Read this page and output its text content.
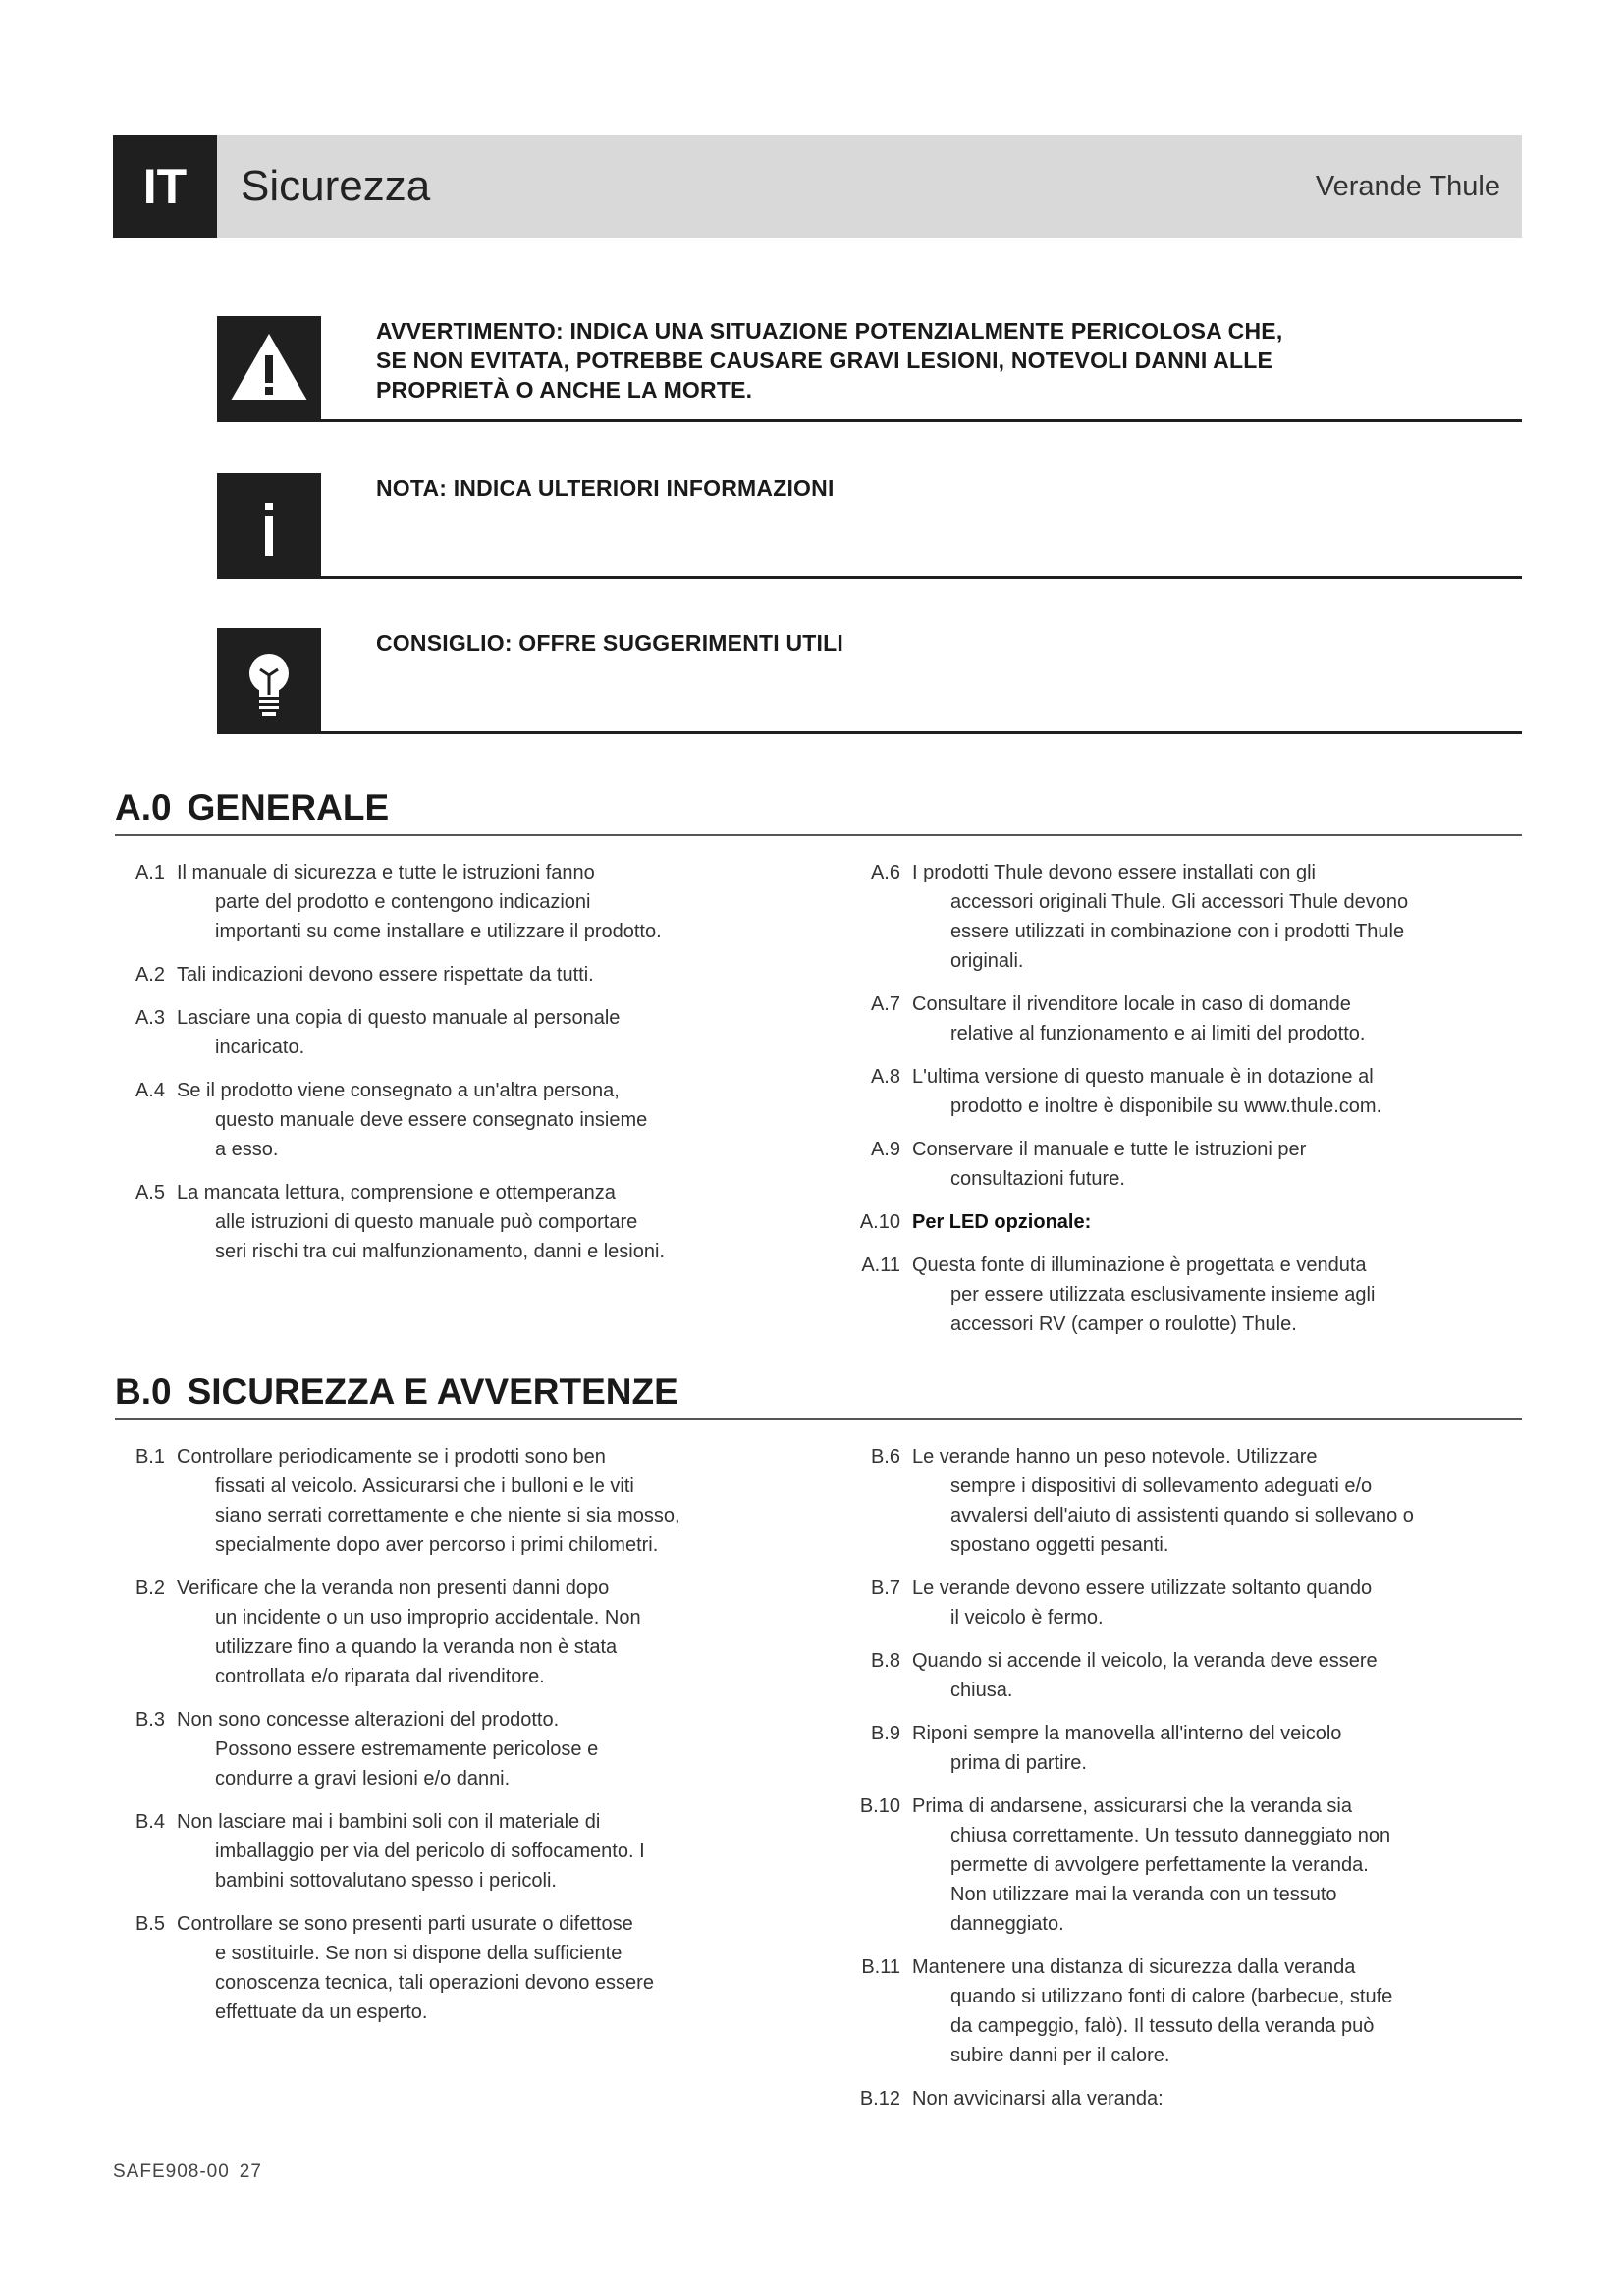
IT	Sicurezza	Verande Thule
AVVERTIMENTO: INDICA UNA SITUAZIONE POTENZIALMENTE PERICOLOSA CHE,
SE NON EVITATA, POTREBBE CAUSARE GRAVI LESIONI, NOTEVOLI DANNI ALLE
PROPRIETÀ O ANCHE LA MORTE.
NOTA: INDICA ULTERIORI INFORMAZIONI
CONSIGLIO: OFFRE SUGGERIMENTI UTILI
A.0 GENERALE
A.1 Il manuale di sicurezza e tutte le istruzioni fanno
parte del prodotto e contengono indicazioni
importanti su come installare e utilizzare il prodotto.
A.2 Tali indicazioni devono essere rispettate da tutti.
A.3 Lasciare una copia di questo manuale al personale
incaricato.
A.4 Se il prodotto viene consegnato a un'altra persona,
questo manuale deve essere consegnato insieme
a esso.
A.5 La mancata lettura, comprensione e ottemperanza
alle istruzioni di questo manuale può comportare
seri rischi tra cui malfunzionamento, danni e lesioni.
A.6 I prodotti Thule devono essere installati con gli
accessori originali Thule. Gli accessori Thule devono
essere utilizzati in combinazione con i prodotti Thule
originali.
A.7 Consultare il rivenditore locale in caso di domande
relative al funzionamento e ai limiti del prodotto.
A.8 L'ultima versione di questo manuale è in dotazione al
prodotto e inoltre è disponibile su www.thule.com.
A.9 Conservare il manuale e tutte le istruzioni per
consultazioni future.
A.10 Per LED opzionale:
A.11 Questa fonte di illuminazione è progettata e venduta
per essere utilizzata esclusivamente insieme agli
accessori RV (camper o roulotte) Thule.
B.0 SICUREZZA E AVVERTENZE
B.1 Controllare periodicamente se i prodotti sono ben
fissati al veicolo. Assicurarsi che i bulloni e le viti
siano serrati correttamente e che niente si sia mosso,
specialmente dopo aver percorso i primi chilometri.
B.2 Verificare che la veranda non presenti danni dopo
un incidente o un uso improprio accidentale. Non
utilizzare fino a quando la veranda non è stata
controllata e/o riparata dal rivenditore.
B.3 Non sono concesse alterazioni del prodotto.
Possono essere estremamente pericolose e
condurre a gravi lesioni e/o danni.
B.4 Non lasciare mai i bambini soli con il materiale di
imballaggio per via del pericolo di soffocamento. I
bambini sottovalutano spesso i pericoli.
B.5 Controllare se sono presenti parti usurate o difettose
e sostituirle. Se non si dispone della sufficiente
conoscenza tecnica, tali operazioni devono essere
effettuate da un esperto.
B.6 Le verande hanno un peso notevole. Utilizzare
sempre i dispositivi di sollevamento adeguati e/o
avvalersi dell'aiuto di assistenti quando si sollevano o
spostano oggetti pesanti.
B.7 Le verande devono essere utilizzate soltanto quando
il veicolo è fermo.
B.8 Quando si accende il veicolo, la veranda deve essere
chiusa.
B.9 Riponi sempre la manovella all'interno del veicolo
prima di partire.
B.10 Prima di andarsene, assicurarsi che la veranda sia
chiusa correttamente. Un tessuto danneggiato non
permette di avvolgere perfettamente la veranda.
Non utilizzare mai la veranda con un tessuto
danneggiato.
B.11 Mantenere una distanza di sicurezza dalla veranda
quando si utilizzano fonti di calore (barbecue, stufe
da campeggio, falò). Il tessuto della veranda può
subire danni per il calore.
B.12 Non avvicinarsi alla veranda:
SAFE908-00 27
